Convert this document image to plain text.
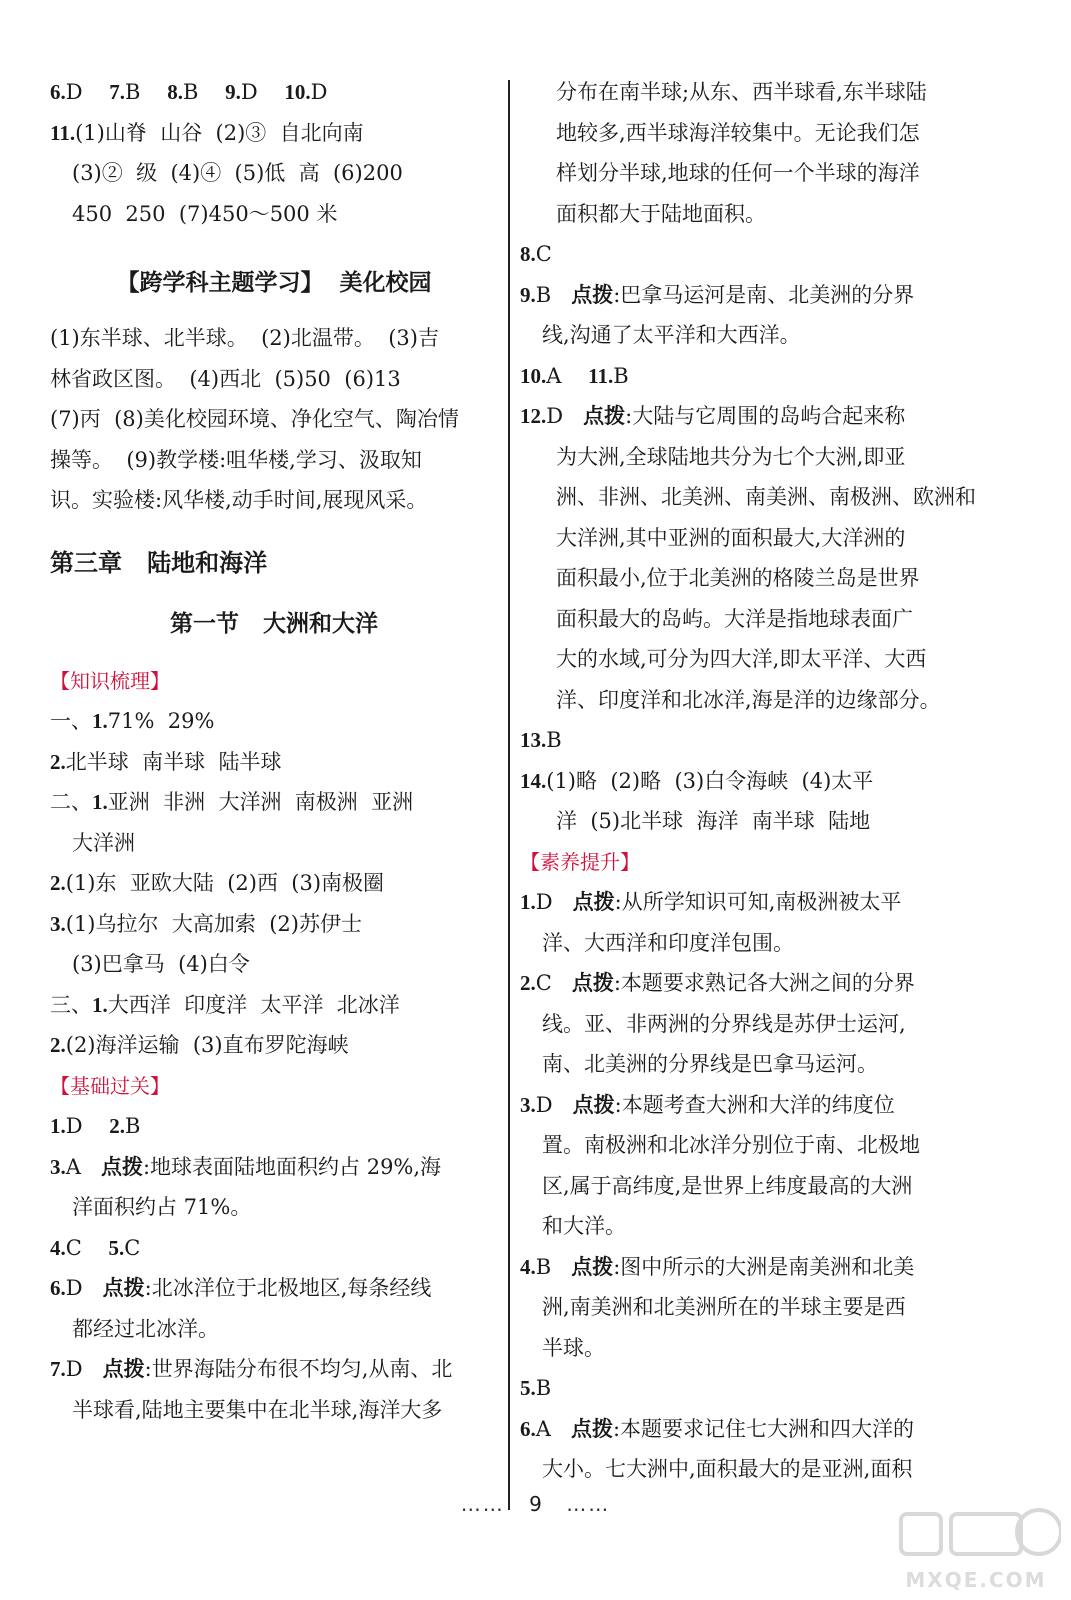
6.D    7.B    8.B    9.D    10.D
11.(1)山脊  山谷  (2)③  自北向南
(3)②  级  (4)④  (5)低  高  (6)200
450  250  (7)450～500 米
【跨学科主题学习】  美化校园
(1)东半球、北半球。  (2)北温带。  (3)吉
林省政区图。  (4)西北  (5)50  (6)13
(7)丙  (8)美化校园环境、净化空气、陶冶情
操等。  (9)教学楼:咀华楼,学习、汲取知
识。实验楼:风华楼,动手时间,展现风采。
第三章   陆地和海洋
第一节   大洲和大洋
【知识梳理】
一、1.71%  29%
2.北半球  南半球  陆半球
二、1.亚洲  非洲  大洋洲  南极洲  亚洲
大洋洲
2.(1)东  亚欧大陆  (2)西  (3)南极圈
3.(1)乌拉尔  大高加索  (2)苏伊士
(3)巴拿马  (4)白令
三、1.大西洋  印度洋  太平洋  北冰洋
2.(2)海洋运输  (3)直布罗陀海峡
【基础过关】
1.D    2.B
3.A   点拨:地球表面陆地面积约占 29%,海
洋面积约占 71%。
4.C    5.C
6.D   点拨:北冰洋位于北极地区,每条经线
都经过北冰洋。
7.D   点拨:世界海陆分布很不均匀,从南、北
半球看,陆地主要集中在北半球,海洋大多
分布在南半球;从东、西半球看,东半球陆
地较多,西半球海洋较集中。无论我们怎
样划分半球,地球的任何一个半球的海洋
面积都大于陆地面积。
8.C
9.B   点拨:巴拿马运河是南、北美洲的分界
线,沟通了太平洋和大西洋。
10.A    11.B
12.D   点拨:大陆与它周围的岛屿合起来称
为大洲,全球陆地共分为七个大洲,即亚
洲、非洲、北美洲、南美洲、南极洲、欧洲和
大洋洲,其中亚洲的面积最大,大洋洲的
面积最小,位于北美洲的格陵兰岛是世界
面积最大的岛屿。大洋是指地球表面广
大的水域,可分为四大洋,即太平洋、大西
洋、印度洋和北冰洋,海是洋的边缘部分。
13.B
14.(1)略  (2)略  (3)白令海峡  (4)太平
洋  (5)北半球  海洋  南半球  陆地
【素养提升】
1.D   点拨:从所学知识可知,南极洲被太平
洋、大西洋和印度洋包围。
2.C   点拨:本题要求熟记各大洲之间的分界
线。亚、非两洲的分界线是苏伊士运河,
南、北美洲的分界线是巴拿马运河。
3.D   点拨:本题考查大洲和大洋的纬度位
置。南极洲和北冰洋分别位于南、北极地
区,属于高纬度,是世界上纬度最高的大洲
和大洋。
4.B   点拨:图中所示的大洲是南美洲和北美
洲,南美洲和北美洲所在的半球主要是西
半球。
5.B
6.A   点拨:本题要求记住七大洲和四大洋的
大小。七大洲中,面积最大的是亚洲,面积
…… 9 ……
MXQE.COM
